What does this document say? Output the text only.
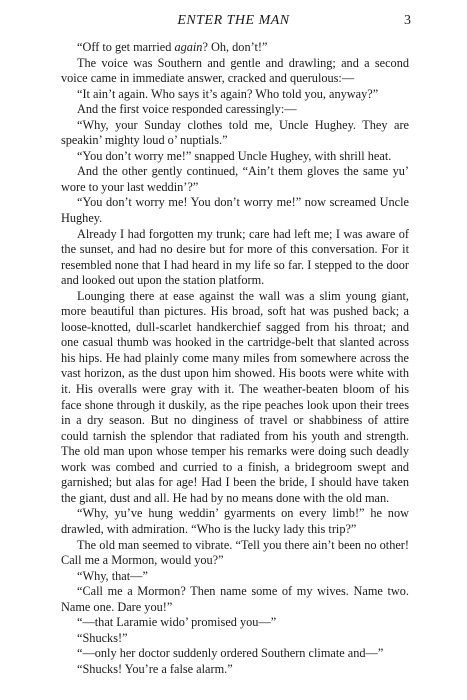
ENTER THE MAN	3

“Off to get married again? Oh, don’t!”

The voice was Southern and gentle and drawling; and a second voice came in immediate answer, cracked and querulous:—

“It ain’t again. Who says it’s again? Who told you, anyway?”

And the first voice responded caressingly:—

“Why, your Sunday clothes told me, Uncle Hughey. They are speakin’ mighty loud o’ nuptials.”

“You don’t worry me!” snapped Uncle Hughey, with shrill heat.

And the other gently continued, “Ain’t them gloves the same yu’ wore to your last weddin’?”

“You don’t worry me! You don’t worry me!” now screamed Uncle Hughey.

Already I had forgotten my trunk; care had left me; I was aware of the sunset, and had no desire but for more of this conversation. For it resembled none that I had heard in my life so far. I stepped to the door and looked out upon the station platform.

Lounging there at ease against the wall was a slim young giant, more beautiful than pictures. His broad, soft hat was pushed back; a loose-knotted, dull-scarlet handkerchief sagged from his throat; and one casual thumb was hooked in the cartridge-belt that slanted across his hips. He had plainly come many miles from somewhere across the vast horizon, as the dust upon him showed. His boots were white with it. His overalls were gray with it. The weather-beaten bloom of his face shone through it duskily, as the ripe peaches look upon their trees in a dry season. But no dinginess of travel or shabbiness of attire could tarnish the splendor that radiated from his youth and strength. The old man upon whose temper his remarks were doing such deadly work was combed and curried to a finish, a bridegroom swept and garnished; but alas for age! Had I been the bride, I should have taken the giant, dust and all. He had by no means done with the old man.

“Why, yu’ve hung weddin’ gyarments on every limb!” he now drawled, with admiration. “Who is the lucky lady this trip?”

The old man seemed to vibrate. “Tell you there ain’t been no other! Call me a Mormon, would you?”

“Why, that—”

“Call me a Mormon? Then name some of my wives. Name two. Name one. Dare you!”

“—that Laramie wido’ promised you—”

“Shucks!”

“—only her doctor suddenly ordered Southern climate and—”

“Shucks! You’re a false alarm.”
